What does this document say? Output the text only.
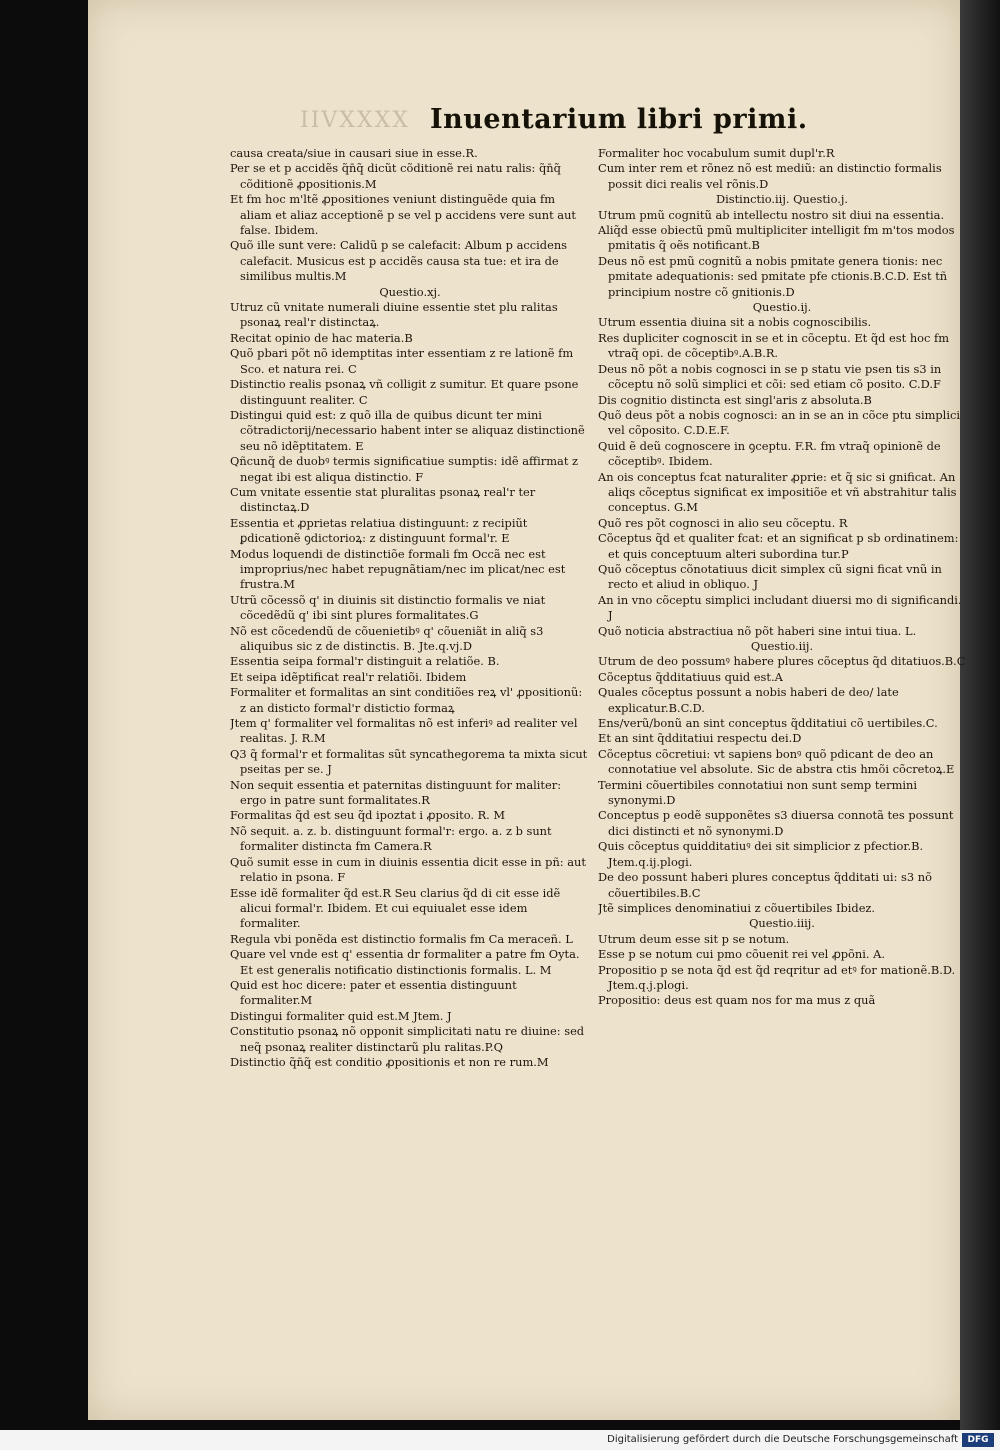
IIVXXXX Inuentarium libri primi.

causa creata/siue in causari siue in esse.R.

Per se et p accidẽs q̃n̄q̃ dicũt cõditionẽ rei natu ralis: q̃n̄q̃ cõditionẽ ꝓpositionis.M

Et fm hoc m'ltẽ ꝓpositiones veniunt distinguẽde quia fm aliam et aliaz acceptionẽ p se vel p accidens vere sunt aut false. Ibidem.

Quõ ille sunt vere: Calidũ p se calefacit: Album p accidens calefacit. Musicus est p accidẽs causa sta tue: et ira de similibus multis.M

Questio.xj.

Utruz cũ vnitate numerali diuine essentie stet plu ralitas psonaꝝ real'r distinctaꝝ.

Recitat opinio de hac materia.B

Quõ pbari põt nõ idemptitas inter essentiam z re lationẽ fm Sco. et natura rei. C

Distinctio realis psonaꝝ vñ colligit z sumitur. Et quare psone distinguunt realiter. C

Distingui quid est: z quõ illa de quibus dicunt ter mini cõtradictorij/necessario habent inter se aliquaz distinctionẽ seu nõ idẽptitatem. E

Qñcunq̃ de duobꝰ termis significatiue sumptis: idẽ affirmat z negat ibi est aliqua distinctio. F

Cum vnitate essentie stat pluralitas psonaꝝ real'r ter distinctaꝝ.D

Essentia et ꝓprietas relatiua distinguunt: z recipiũt ꝑdicationẽ ꝯdictorioꝝ: z distinguunt formal'r. E

Modus loquendi de distinctiõe formali fm Occã nec est improprius/nec habet repugnãtiam/nec im plicat/nec est frustra.M

Utrũ cõcessõ q' in diuinis sit distinctio formalis ve niat cõcedẽdũ q' ibi sint plures formalitates.G

Nõ est cõcedendũ de cõuenietibꝰ q' cõueniãt in aliq̃ s3 aliquibus sic z de distinctis. B. Jte.q.vj.D

Essentia seipa formal'r distinguit a relatiõe. B.

Et seipa idẽptificat real'r relatiõi. Ibidem

Formaliter et formalitas an sint conditiões reꝝ vl' ꝓpositionũ: z an disticto formal'r distictio formaꝝ

Jtem q' formaliter vel formalitas nõ est inferiꝰ ad realiter vel realitas. J. R.M

Q3 q̃ formal'r et formalitas sũt syncathegorema ta mixta sicut pseitas per se. J

Non sequit essentia et paternitas distinguunt for maliter: ergo in patre sunt formalitates.R

Formalitas q̃d est seu q̃d ipoztat i ꝓposito. R. M

Nõ sequit. a. z. b. distinguunt formal'r: ergo. a. z b sunt formaliter distincta fm Camera.R

Quõ sumit esse in cum in diuinis essentia dicit esse in pñ: aut relatio in psona. F

Esse idẽ formaliter q̃d est.R Seu clarius q̃d di cit esse idẽ alicui formal'r. Ibidem. Et cui equiualet esse idem formaliter.

Regula vbi ponẽda est distinctio formalis fm Ca meraceñ. L

Quare vel vnde est q' essentia dr formaliter a patre fm Oyta. Et est generalis notificatio distinctionis formalis. L. M

Quid est hoc dicere: pater et essentia distinguunt formaliter.M

Distingui formaliter quid est.M Jtem. J

Constitutio psonaꝝ nõ opponit simplicitati natu re diuine: sed neq̃ psonaꝝ realiter distinctarũ plu ralitas.P.Q

Distinctio q̃n̄q̃ est conditio ꝓpositionis et non re rum.M

Formaliter hoc vocabulum sumit dupl'r.R

Cum inter rem et rõnez nõ est mediũ: an distinctio formalis possit dici realis vel rõnis.D

Distinctio.iij. Questio.j.

Utrum pmũ cognitũ ab intellectu nostro sit diui na essentia.

Aliq̃d esse obiectũ pmũ multipliciter intelligit fm m'tos modos pmitatis q̃ oẽs notificant.B

Deus nõ est pmũ cognitũ a nobis pmitate genera tionis: nec pmitate adequationis: sed pmitate pfe ctionis.B.C.D. Est tñ principium nostre cõ gnitionis.D

Questio.ij.

Utrum essentia diuina sit a nobis cognoscibilis.

Res dupliciter cognoscit in se et in cõceptu. Et q̃d est hoc fm vtraq̃ opi. de cõceptibꝰ.A.B.R.

Deus nõ põt a nobis cognosci in se p statu vie psen tis s3 in cõceptu nõ solũ simplici et cõi: sed etiam cõ posito. C.D.F

Dis cognitio distincta est singl'aris z absoluta.B

Quõ deus põt a nobis cognosci: an in se an in cõce ptu simplici vel cõposito. C.D.E.F.

Quid ẽ deũ cognoscere in ꝯceptu. F.R. fm vtraq̃ opinionẽ de cõceptibꝰ. Ibidem.

An ois conceptus fcat naturaliter ꝓprie: et q̃ sic si gnificat. An aliqs cõceptus significat ex impositiõe et vñ abstrahitur talis conceptus. G.M

Quõ res põt cognosci in alio seu cõceptu. R

Cõceptus q̃d et qualiter fcat: et an significat p sb ordinatinem: et quis conceptuum alteri subordina tur.P

Quõ cõceptus cõnotatiuus dicit simplex cũ signi ficat vnũ in recto et aliud in obliquo. J

An in vno cõceptu simplici includant diuersi mo di significandi. J

Quõ noticia abstractiua nõ põt haberi sine intui tiua. L.

Questio.iij.

Utrum de deo possumꝰ habere plures cõceptus q̃d ditatiuos.B.C

Cõceptus q̃dditatiuus quid est.A

Quales cõceptus possunt a nobis haberi de deo/ late explicatur.B.C.D.

Ens/verũ/bonũ an sint conceptus q̃dditatiui cõ uertibiles.C.

Et an sint q̃dditatiui respectu dei.D

Cõceptus cõcretiui: vt sapiens bonꝰ quõ pdicant de deo an connotatiue vel absolute. Sic de abstra ctis hmõi cõcretoꝝ.E

Termini cõuertibiles connotatiui non sunt semp termini synonymi.D

Conceptus p eodẽ supponẽtes s3 diuersa connotã tes possunt dici distincti et nõ synonymi.D

Quis cõceptus quidditatiuꝰ dei sit simplicior z pfectior.B. Jtem.q.ij.plogi.

De deo possunt haberi plures conceptus q̃dditati ui: s3 nõ cõuertibiles.B.C

Jtẽ simplices denominatiui z cõuertibiles Ibidez.

Questio.iiij.

Utrum deum esse sit p se notum.

Esse p se notum cui pmo cõuenit rei vel ꝓpõni. A.

Propositio p se nota q̃d est q̃d reqritur ad etꝰ for mationẽ.B.D. Jtem.q.j.plogi.

Propositio: deus est quam nos for ma mus z quã

Digitalisierung gefördert durch die Deutsche Forschungsgemeinschaft	DFG
